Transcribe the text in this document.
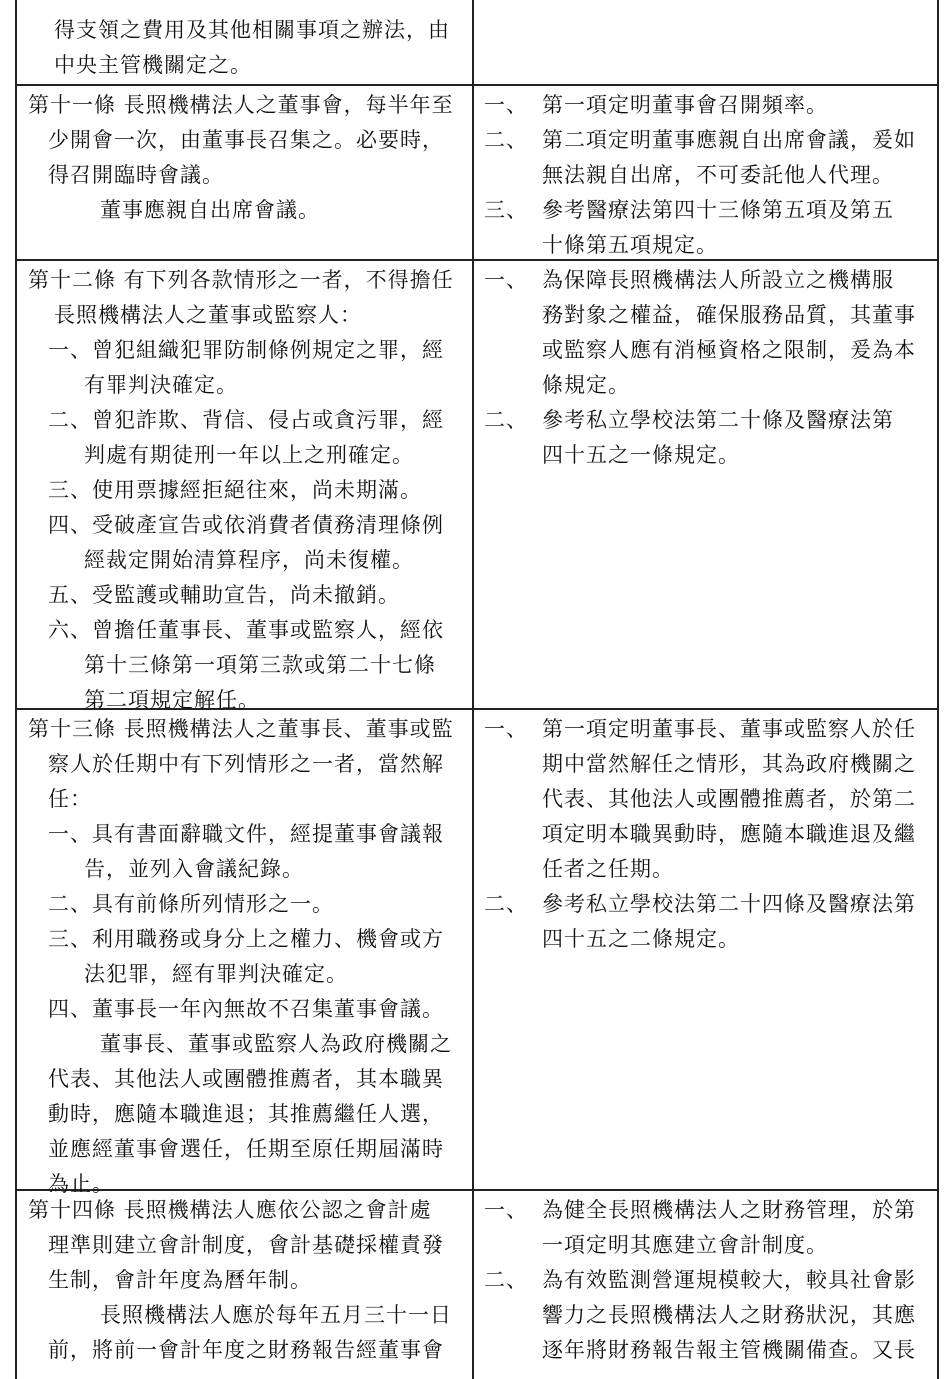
得支領之費用及其他相關事項之辦法，由
中央主管機關定之。
第十一條 長照機構法人之董事會，每半年至
少開會一次，由董事長召集之。必要時，
得召開臨時會議。
董事應親自出席會議。
一、 第一項定明董事會召開頻率。
二、 第二項定明董事應親自出席會議，爰如
無法親自出席，不可委託他人代理。
三、 參考醫療法第四十三條第五項及第五
十條第五項規定。
第十二條 有下列各款情形之一者，不得擔任
長照機構法人之董事或監察人：
一、曾犯組織犯罪防制條例規定之罪，經
有罪判決確定。
二、曾犯詐欺、背信、侵占或貪污罪，經
判處有期徒刑一年以上之刑確定。
三、使用票據經拒絕往來，尚未期滿。
四、受破產宣告或依消費者債務清理條例
經裁定開始清算程序，尚未復權。
五、受監護或輔助宣告，尚未撤銷。
六、曾擔任董事長、董事或監察人，經依
第十三條第一項第三款或第二十七條
第二項規定解任。
一、 為保障長照機構法人所設立之機構服
務對象之權益，確保服務品質，其董事
或監察人應有消極資格之限制，爰為本
條規定。
二、 參考私立學校法第二十條及醫療法第
四十五之一條規定。
第十三條 長照機構法人之董事長、董事或監
察人於任期中有下列情形之一者，當然解
任：
一、具有書面辭職文件，經提董事會議報
告，並列入會議紀錄。
二、具有前條所列情形之一。
三、利用職務或身分上之權力、機會或方
法犯罪，經有罪判決確定。
四、董事長一年內無故不召集董事會議。
董事長、董事或監察人為政府機關之
代表、其他法人或團體推薦者，其本職異
動時，應隨本職進退；其推薦繼任人選，
並應經董事會選任，任期至原任期屆滿時
為止。
一、 第一項定明董事長、董事或監察人於任
期中當然解任之情形，其為政府機關之
代表、其他法人或團體推薦者，於第二
項定明本職異動時，應隨本職進退及繼
任者之任期。
二、 參考私立學校法第二十四條及醫療法第
四十五之二條規定。
第十四條 長照機構法人應依公認之會計處
理準則建立會計制度，會計基礎採權責發
生制，會計年度為曆年制。
長照機構法人應於每年五月三十一日
前，將前一會計年度之財務報告經董事會
一、 為健全長照機構法人之財務管理，於第
一項定明其應建立會計制度。
二、 為有效監測營運規模較大，較具社會影
響力之長照機構法人之財務狀況，其應
逐年將財務報告報主管機關備查。又長
